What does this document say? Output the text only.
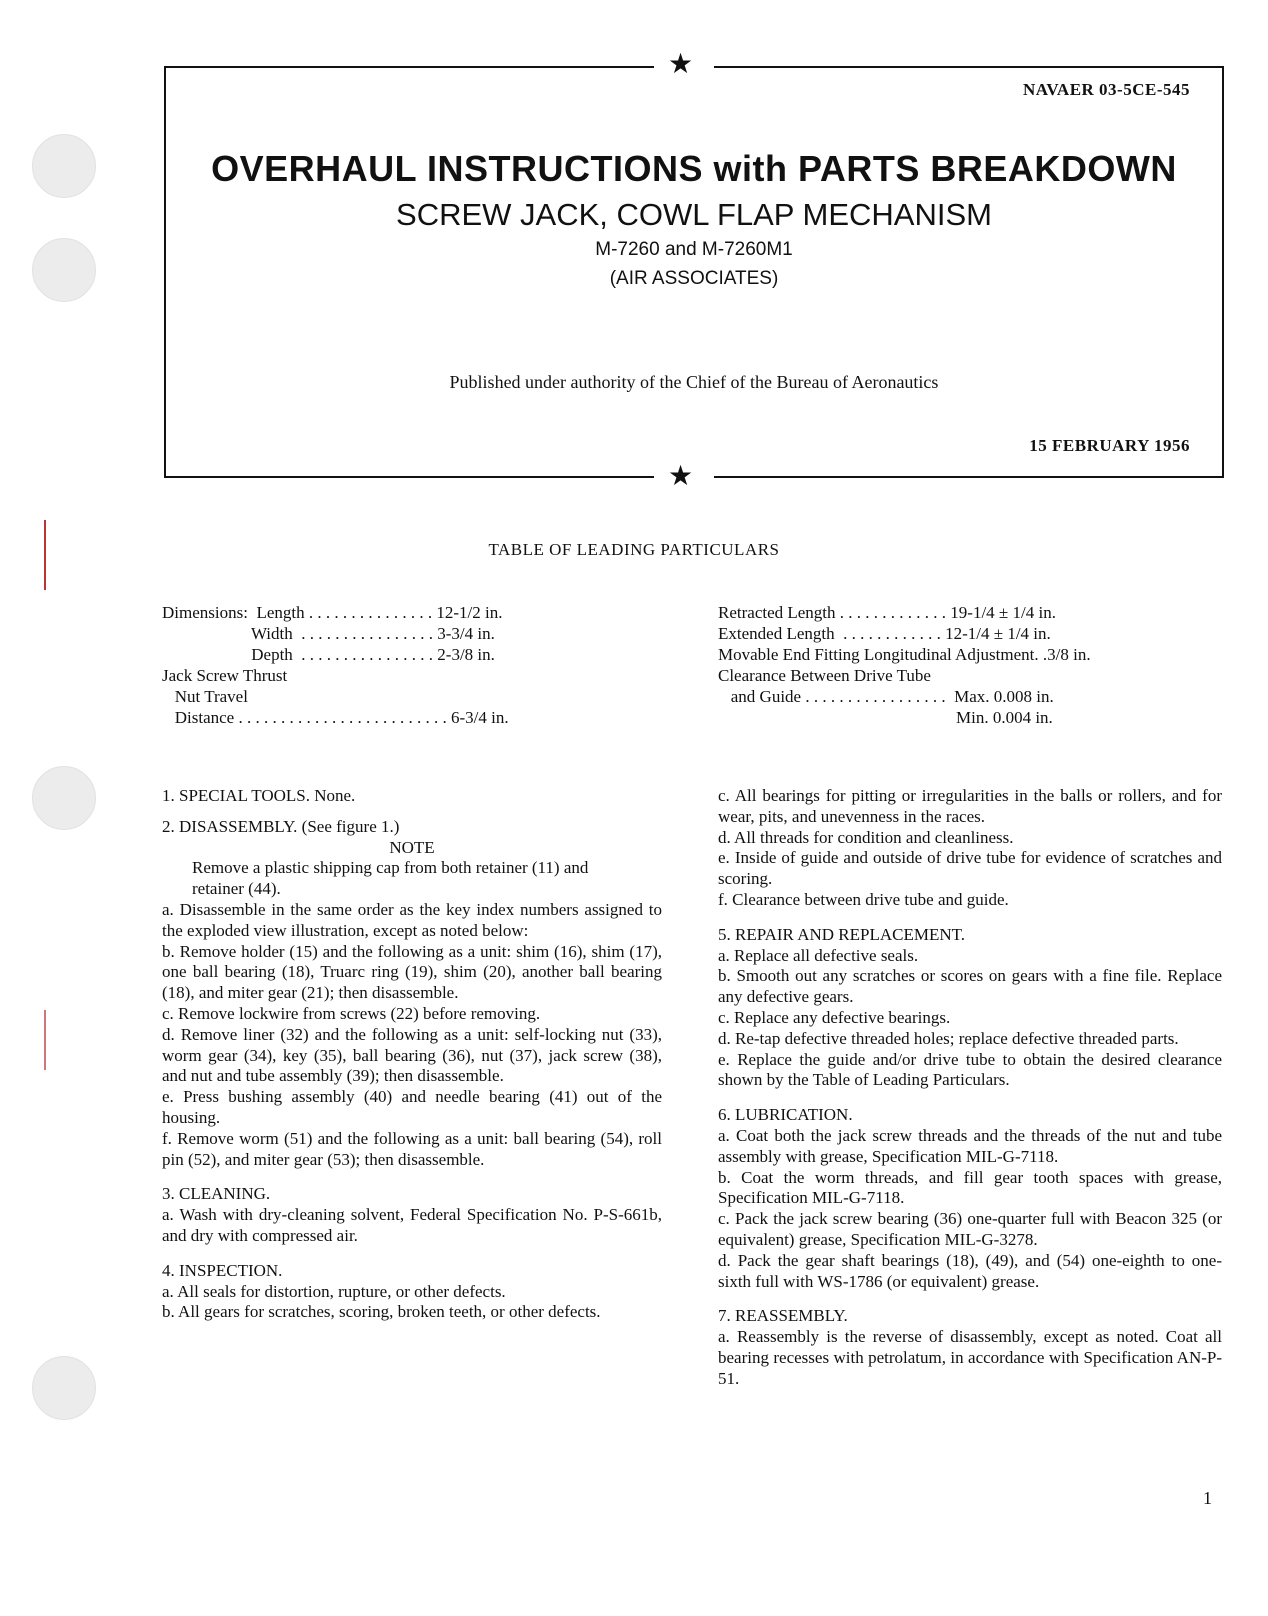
★
★
NAVAER 03-5CE-545
OVERHAUL INSTRUCTIONS with PARTS BREAKDOWN
SCREW JACK, COWL FLAP MECHANISM
M-7260 and M-7260M1
(AIR ASSOCIATES)
Published under authority of the Chief of the Bureau of Aeronautics
15 FEBRUARY 1956
TABLE OF LEADING PARTICULARS
Dimensions:  Length . . . . . . . . . . . . . . . 12-1/2 in.
Width  . . . . . . . . . . . . . . . . 3-3/4 in.
Depth  . . . . . . . . . . . . . . . . 2-3/8 in.
Jack Screw Thrust
Nut Travel
Distance . . . . . . . . . . . . . . . . . . . . . . . . . 6-3/4 in.
Retracted Length . . . . . . . . . . . . . 19-1/4 ± 1/4 in.
Extended Length  . . . . . . . . . . . . 12-1/4 ± 1/4 in.
Movable End Fitting Longitudinal Adjustment. .3/8 in.
Clearance Between Drive Tube
and Guide . . . . . . . . . . . . . . . . .  Max. 0.008 in.
Min. 0.004 in.

1. SPECIAL TOOLS. None.

2. DISASSEMBLY. (See figure 1.)

NOTE

Remove a plastic shipping cap from both retainer (11) and retainer (44).

a. Disassemble in the same order as the key index numbers assigned to the exploded view illustration, except as noted below:

b. Remove holder (15) and the following as a unit: shim (16), shim (17), one ball bearing (18), Truarc ring (19), shim (20), another ball bearing (18), and miter gear (21); then disassemble.

c. Remove lockwire from screws (22) before removing.

d. Remove liner (32) and the following as a unit: self-locking nut (33), worm gear (34), key (35), ball bearing (36), nut (37), jack screw (38), and nut and tube assembly (39); then disassemble.

e. Press bushing assembly (40) and needle bearing (41) out of the housing.

f. Remove worm (51) and the following as a unit: ball bearing (54), roll pin (52), and miter gear (53); then disassemble.

3. CLEANING.

a. Wash with dry-cleaning solvent, Federal Specification No. P-S-661b, and dry with compressed air.

4. INSPECTION.

a. All seals for distortion, rupture, or other defects.

b. All gears for scratches, scoring, broken teeth, or other defects.

c. All bearings for pitting or irregularities in the balls or rollers, and for wear, pits, and unevenness in the races.

d. All threads for condition and cleanliness.

e. Inside of guide and outside of drive tube for evidence of scratches and scoring.

f. Clearance between drive tube and guide.

5. REPAIR AND REPLACEMENT.

a. Replace all defective seals.

b. Smooth out any scratches or scores on gears with a fine file. Replace any defective gears.

c. Replace any defective bearings.

d. Re-tap defective threaded holes; replace defective threaded parts.

e. Replace the guide and/or drive tube to obtain the desired clearance shown by the Table of Leading Particulars.

6. LUBRICATION.

a. Coat both the jack screw threads and the threads of the nut and tube assembly with grease, Specification MIL-G-7118.

b. Coat the worm threads, and fill gear tooth spaces with grease, Specification MIL-G-7118.

c. Pack the jack screw bearing (36) one-quarter full with Beacon 325 (or equivalent) grease, Specification MIL-G-3278.

d. Pack the gear shaft bearings (18), (49), and (54) one-eighth to one-sixth full with WS-1786 (or equivalent) grease.

7. REASSEMBLY.

a. Reassembly is the reverse of disassembly, except as noted. Coat all bearing recesses with petrolatum, in accordance with Specification AN-P-51.

1
